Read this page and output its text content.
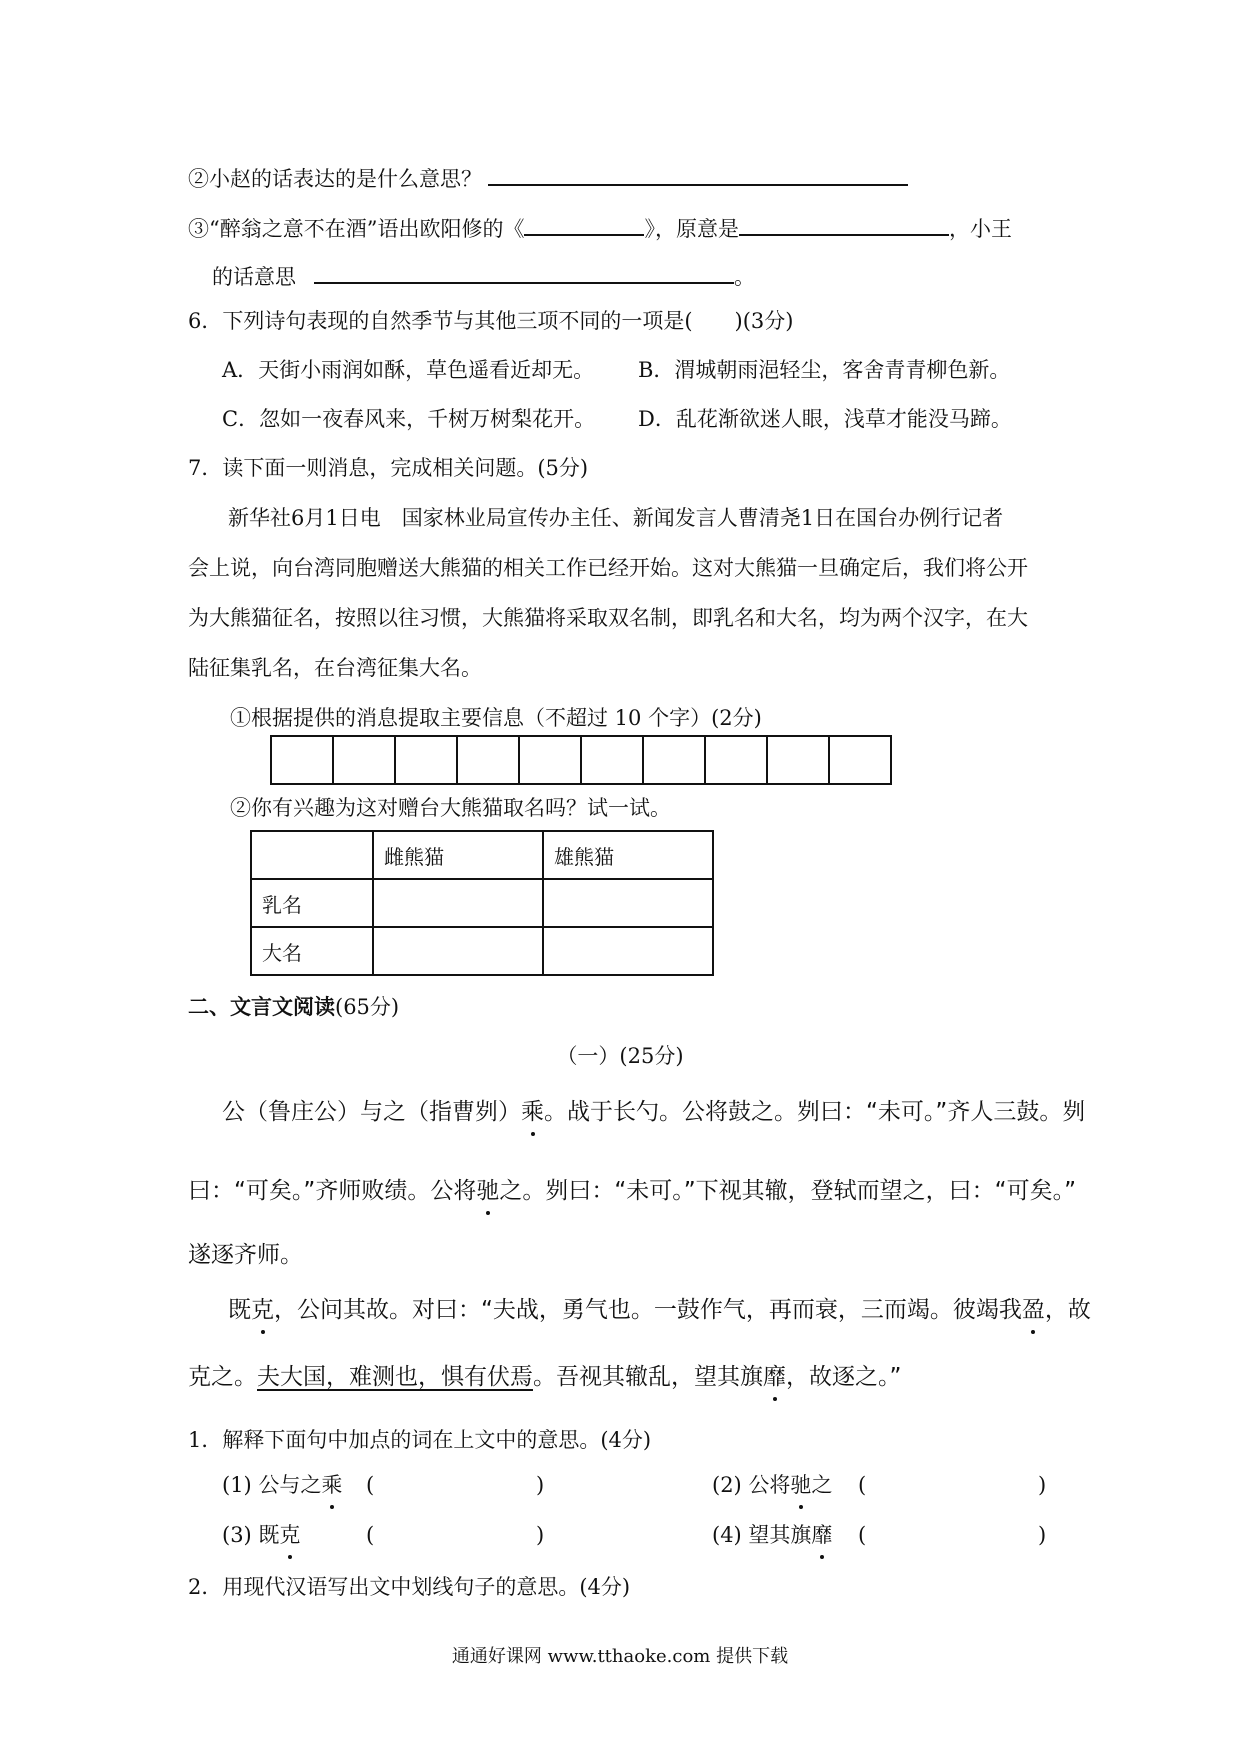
②小赵的话表达的是什么意思？
③“醉翁之意不在酒”语出欧阳修的《	》，原意是	，小王
的话意思	。
6．下列诗句表现的自然季节与其他三项不同的一项是(　　)(3分)
A．天街小雨润如酥，草色遥看近却无。 B．渭城朝雨浥轻尘，客舍青青柳色新。
C．忽如一夜春风来，千树万树梨花开。 D．乱花渐欲迷人眼，浅草才能没马蹄。
7．读下面一则消息，完成相关问题。(5分)
新华社6月1日电　国家林业局宣传办主任、新闻发言人曹清尧1日在国台办例行记者
会上说，向台湾同胞赠送大熊猫的相关工作已经开始。这对大熊猫一旦确定后，我们将公开
为大熊猫征名，按照以往习惯，大熊猫将采取双名制，即乳名和大名，均为两个汉字，在大
陆征集乳名，在台湾征集大名。
①根据提供的消息提取主要信息（不超过 10 个字）(2分)
②你有兴趣为这对赠台大熊猫取名吗？试一试。
	雌熊猫	雄熊猫
乳名		
大名		
二、文言文阅读(65分)
（一）(25分)
公（鲁庄公）与之（指曹刿）乘。战于长勺。公将鼓之。刿曰：“未可。”齐人三鼓。刿
曰：“可矣。”齐师败绩。公将驰之。刿曰：“未可。”下视其辙，登轼而望之，曰：“可矣。”
遂逐齐师。
既克，公问其故。对曰：“夫战，勇气也。一鼓作气，再而衰，三而竭。彼竭我盈，故
克之。夫大国，难测也，惧有伏焉。吾视其辙乱，望其旗靡，故逐之。”
1．解释下面句中加点的词在上文中的意思。(4分)
(1) 公与之乘 (	)	(2) 公将驰之 (	)
(3) 既克	(	)	(4) 望其旗靡 (	)
2．用现代汉语写出文中划线句子的意思。(4分)
通通好课网 www.tthaoke.com 提供下载
